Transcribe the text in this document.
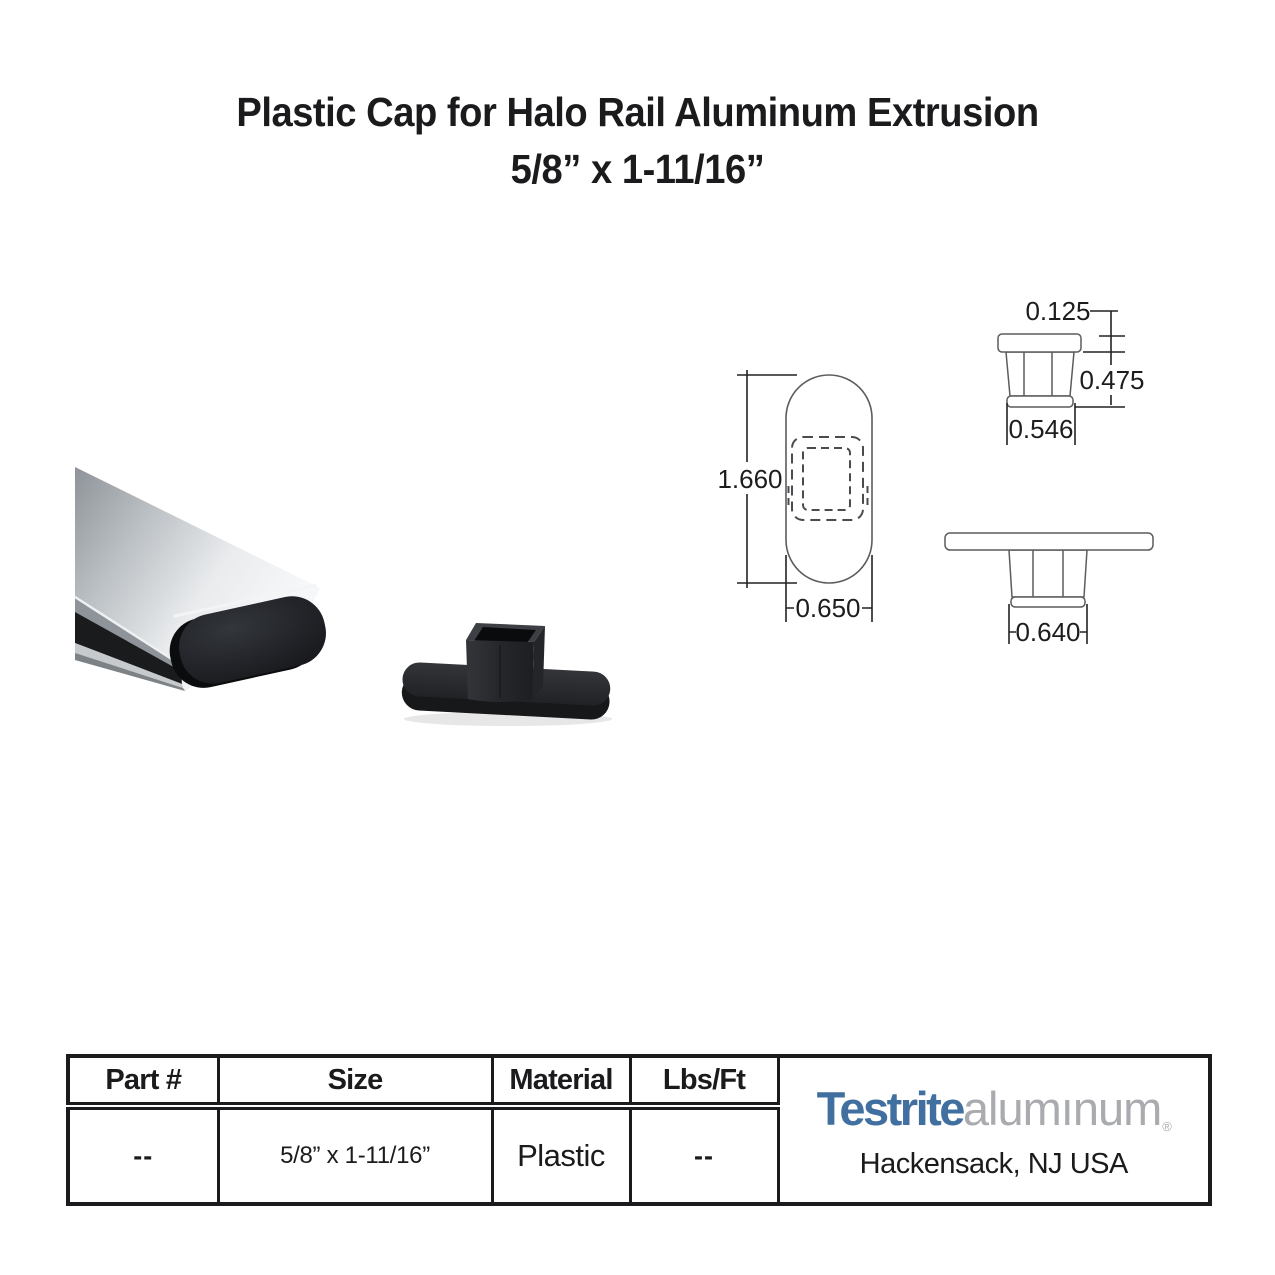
Plastic Cap for Halo Rail Aluminum Extrusion
5/8” x 1-11/16”
1.660
0.650
0.125
0.475
0.546
0.640
Part #	Size	Material	Lbs/Ft	Testritealumınum$_®$
Hackensack, NJ USA

--	5/8” x 1-11/16”	Plastic	--	
